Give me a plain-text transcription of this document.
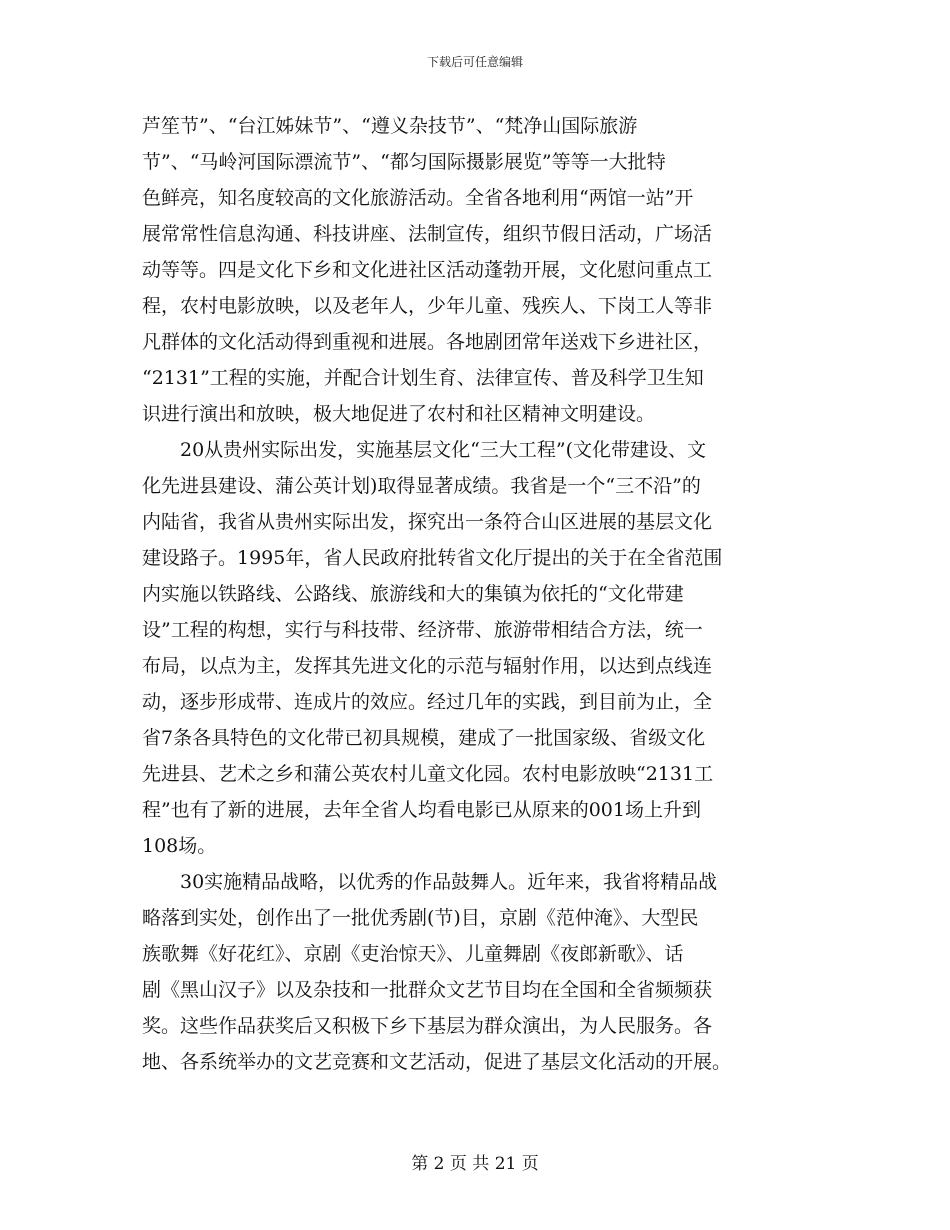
下载后可任意编辑
芦笙节”、“台江姊妹节”、“遵义杂技节”、“梵净山国际旅游
节”、“马岭河国际漂流节”、“都匀国际摄影展览”等等一大批特
色鲜亮，知名度较高的文化旅游活动。全省各地利用“两馆一站”开
展常常性信息沟通、科技讲座、法制宣传，组织节假日活动，广场活
动等等。四是文化下乡和文化进社区活动蓬勃开展，文化慰问重点工
程，农村电影放映，以及老年人，少年儿童、残疾人、下岗工人等非
凡群体的文化活动得到重视和进展。各地剧团常年送戏下乡进社区，
“2131”工程的实施，并配合计划生育、法律宣传、普及科学卫生知
识进行演出和放映，极大地促进了农村和社区精神文明建设。
　　20从贵州实际出发，实施基层文化“三大工程”(文化带建设、文
化先进县建设、蒲公英计划)取得显著成绩。我省是一个“三不沿”的
内陆省，我省从贵州实际出发，探究出一条符合山区进展的基层文化
建设路子。1995年，省人民政府批转省文化厅提出的关于在全省范围
内实施以铁路线、公路线、旅游线和大的集镇为依托的“文化带建
设”工程的构想，实行与科技带、经济带、旅游带相结合方法，统一
布局，以点为主，发挥其先进文化的示范与辐射作用，以达到点线连
动，逐步形成带、连成片的效应。经过几年的实践，到目前为止，全
省7条各具特色的文化带已初具规模，建成了一批国家级、省级文化
先进县、艺术之乡和蒲公英农村儿童文化园。农村电影放映“2131工
程”也有了新的进展，去年全省人均看电影已从原来的001场上升到
108场。
　　30实施精品战略，以优秀的作品鼓舞人。近年来，我省将精品战
略落到实处，创作出了一批优秀剧(节)目，京剧《范仲淹》、大型民
族歌舞《好花红》、京剧《吏治惊天》、儿童舞剧《夜郎新歌》、话
剧《黑山汉子》以及杂技和一批群众文艺节目均在全国和全省频频获
奖。这些作品获奖后又积极下乡下基层为群众演出，为人民服务。各
地、各系统举办的文艺竞赛和文艺活动，促进了基层文化活动的开展。
第 2 页 共 21 页
